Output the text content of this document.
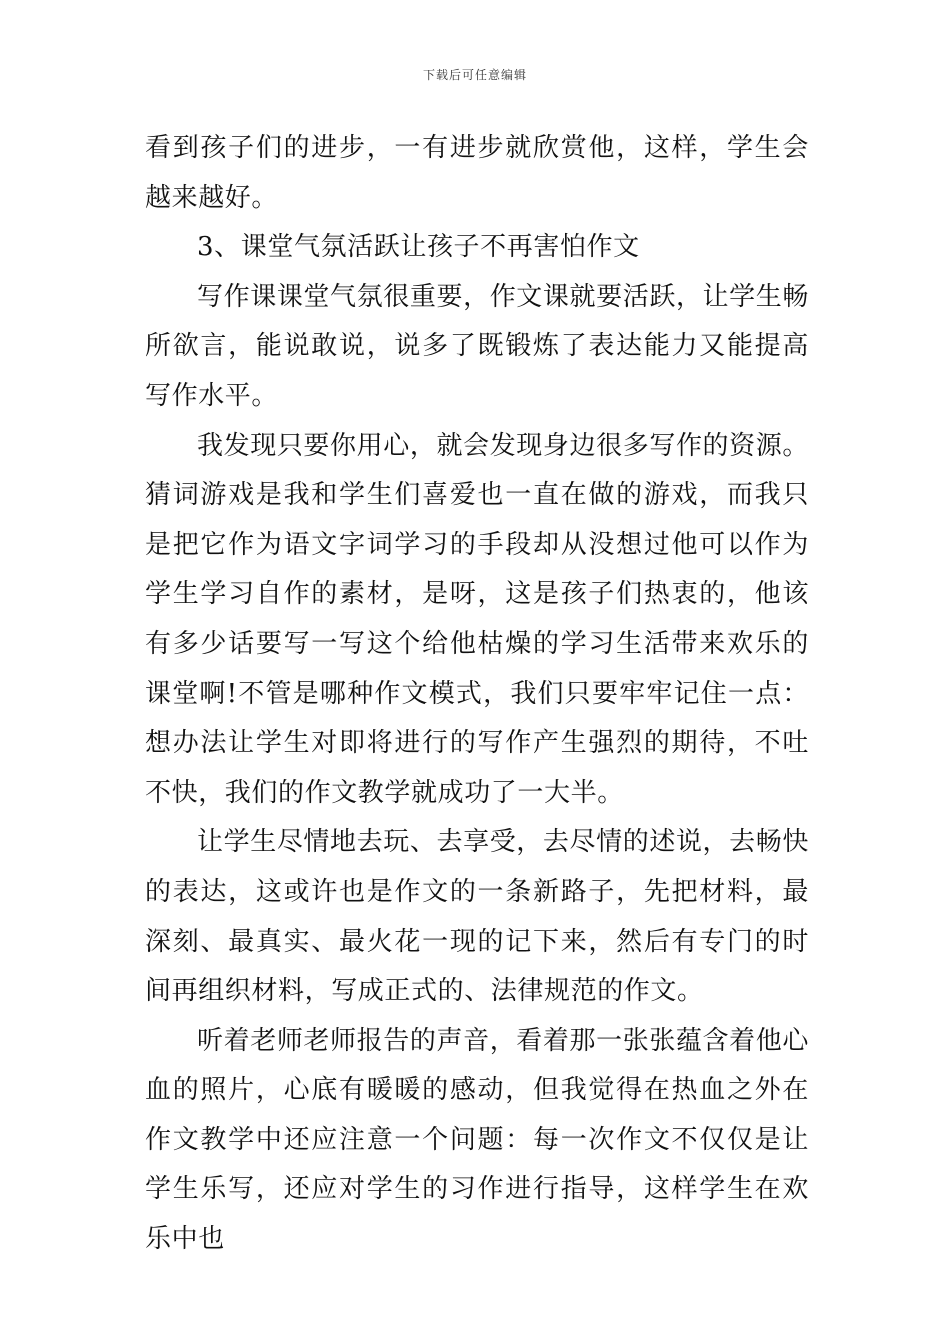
下载后可任意编辑

看到孩子们的进步，一有进步就欣赏他，这样，学生会越来越好。

3、课堂气氛活跃让孩子不再害怕作文

写作课课堂气氛很重要，作文课就要活跃，让学生畅所欲言，能说敢说，说多了既锻炼了表达能力又能提高写作水平。

我发现只要你用心，就会发现身边很多写作的资源。猜词游戏是我和学生们喜爱也一直在做的游戏，而我只是把它作为语文字词学习的手段却从没想过他可以作为学生学习自作的素材，是呀，这是孩子们热衷的，他该有多少话要写一写这个给他枯燥的学习生活带来欢乐的课堂啊!不管是哪种作文模式，我们只要牢牢记住一点：想办法让学生对即将进行的写作产生强烈的期待，不吐不快，我们的作文教学就成功了一大半。

让学生尽情地去玩、去享受，去尽情的述说，去畅快的表达，这或许也是作文的一条新路子，先把材料，最深刻、最真实、最火花一现的记下来，然后有专门的时间再组织材料，写成正式的、法律规范的作文。

听着老师老师报告的声音，看着那一张张蕴含着他心血的照片，心底有暖暖的感动，但我觉得在热血之外在作文教学中还应注意一个问题：每一次作文不仅仅是让学生乐写，还应对学生的习作进行指导，这样学生在欢乐中也
